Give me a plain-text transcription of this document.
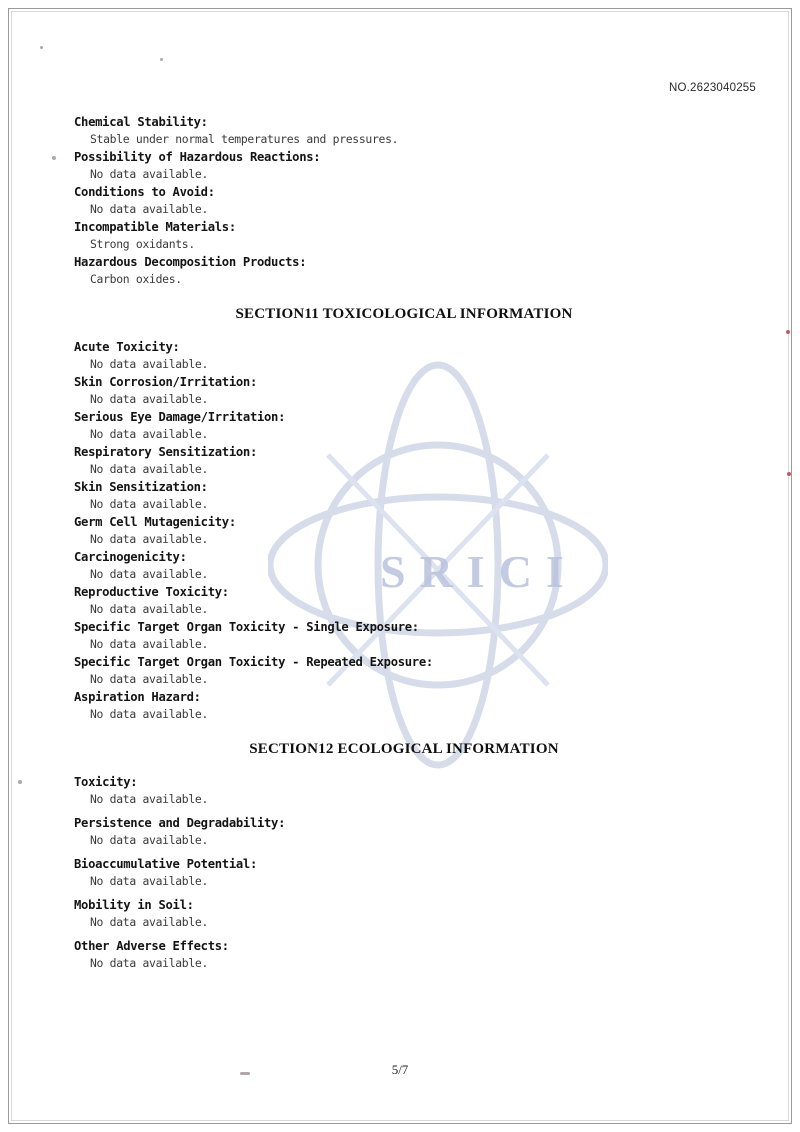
SRICI
NO.2623040255
Chemical Stability:
Stable under normal temperatures and pressures.
Possibility of Hazardous Reactions:
No data available.
Conditions to Avoid:
No data available.
Incompatible Materials:
Strong oxidants.
Hazardous Decomposition Products:
Carbon oxides.
SECTION11 TOXICOLOGICAL INFORMATION
Acute Toxicity:
No data available.
Skin Corrosion/Irritation:
No data available.
Serious Eye Damage/Irritation:
No data available.
Respiratory Sensitization:
No data available.
Skin Sensitization:
No data available.
Germ Cell Mutagenicity:
No data available.
Carcinogenicity:
No data available.
Reproductive Toxicity:
No data available.
Specific Target Organ Toxicity - Single Exposure:
No data available.
Specific Target Organ Toxicity - Repeated Exposure:
No data available.
Aspiration Hazard:
No data available.
SECTION12 ECOLOGICAL INFORMATION
Toxicity:
No data available.
Persistence and Degradability:
No data available.
Bioaccumulative Potential:
No data available.
Mobility in Soil:
No data available.
Other Adverse Effects:
No data available.
5/7
